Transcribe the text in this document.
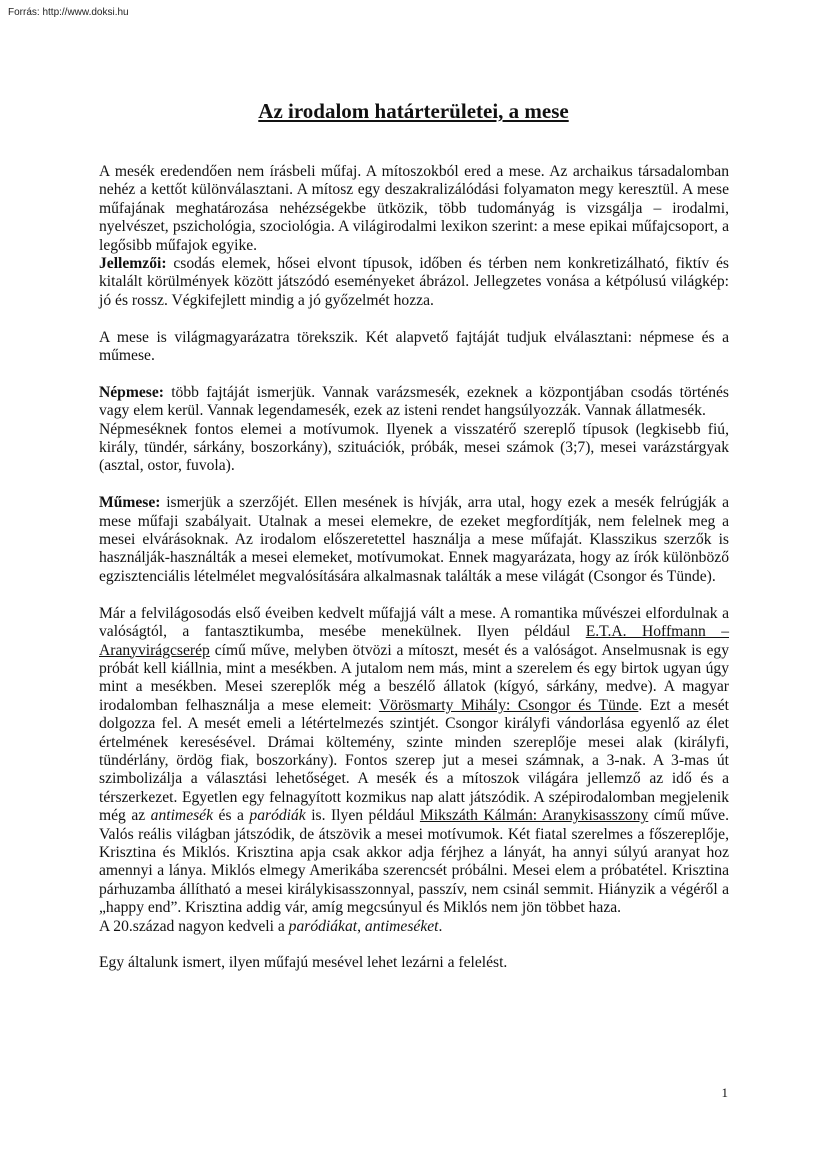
Forrás: http://www.doksi.hu
Az irodalom határterületei, a mese

A mesék eredendően nem írásbeli műfaj. A mítoszokból ered a mese. Az archaikus társadalomban nehéz a kettőt különválasztani. A mítosz egy deszakralizálódási folyamaton megy keresztül. A mese műfajának meghatározása nehézségekbe ütközik, több tudományág is vizsgálja – irodalmi, nyelvészet, pszichológia, szociológia. A világirodalmi lexikon szerint: a mese epikai műfajcsoport, a legősibb műfajok egyike.

Jellemzői: csodás elemek, hősei elvont típusok, időben és térben nem konkretizálható, fiktív és kitalált körülmények között játszódó eseményeket ábrázol. Jellegzetes vonása a kétpólusú világkép: jó és rossz. Végkifejlett mindig a jó győzelmét hozza.

A mese is világmagyarázatra törekszik. Két alapvető fajtáját tudjuk elválasztani: népmese és a műmese.

Népmese: több fajtáját ismerjük. Vannak varázsmesék, ezeknek a központjában csodás történés vagy elem kerül. Vannak legendamesék, ezek az isteni rendet hangsúlyozzák. Vannak állatmesék.

Népmeséknek fontos elemei a motívumok. Ilyenek a visszatérő szereplő típusok (legkisebb fiú, király, tündér, sárkány, boszorkány), szituációk, próbák, mesei számok (3;7), mesei varázstárgyak (asztal, ostor, fuvola).

Műmese: ismerjük a szerzőjét. Ellen mesének is hívják, arra utal, hogy ezek a mesék felrúgják a mese műfaji szabályait. Utalnak a mesei elemekre, de ezeket megfordítják, nem felelnek meg a mesei elvárásoknak. Az irodalom előszeretettel használja a mese műfaját. Klasszikus szerzők is használják-használták a mesei elemeket, motívumokat. Ennek magyarázata, hogy az írók különböző egzisztenciális lételmélet megvalósítására alkalmasnak találták a mese világát (Csongor és Tünde).

Már a felvilágosodás első éveiben kedvelt műfajjá vált a mese. A romantika művészei elfordulnak a valóságtól, a fantasztikumba, mesébe menekülnek. Ilyen például E.T.A. Hoffmann – Aranyvirágcserép című műve, melyben ötvözi a mítoszt, mesét és a valóságot. Anselmusnak is egy próbát kell kiállnia, mint a mesékben. A jutalom nem más, mint a szerelem és egy birtok ugyan úgy mint a mesékben. Mesei szereplők még a beszélő állatok (kígyó, sárkány, medve). A magyar irodalomban felhasználja a mese elemeit: Vörösmarty Mihály: Csongor és Tünde. Ezt a mesét dolgozza fel. A mesét emeli a létértelmezés szintjét. Csongor királyfi vándorlása egyenlő az élet értelmének keresésével. Drámai költemény, szinte minden szereplője mesei alak (királyfi, tündérlány, ördög fiak, boszorkány). Fontos szerep jut a mesei számnak, a 3-nak. A 3-mas út szimbolizálja a választási lehetőséget. A mesék és a mítoszok világára jellemző az idő és a térszerkezet. Egyetlen egy felnagyított kozmikus nap alatt játszódik. A szépirodalomban megjelenik még az antimesék és a paródiák is. Ilyen például Mikszáth Kálmán: Aranykisasszony című műve. Valós reális világban játszódik, de átszövik a mesei motívumok. Két fiatal szerelmes a főszereplője, Krisztina és Miklós. Krisztina apja csak akkor adja férjhez a lányát, ha annyi súlyú aranyat hoz amennyi a lánya. Miklós elmegy Amerikába szerencsét próbálni. Mesei elem a próbatétel. Krisztina párhuzamba állítható a mesei királykisasszonnyal, passzív, nem csinál semmit. Hiányzik a végéről a „happy end”. Krisztina addig vár, amíg megcsúnyul és Miklós nem jön többet haza.

A 20.század nagyon kedveli a paródiákat, antimeséket.

Egy általunk ismert, ilyen műfajú mesével lehet lezárni a felelést.

1
